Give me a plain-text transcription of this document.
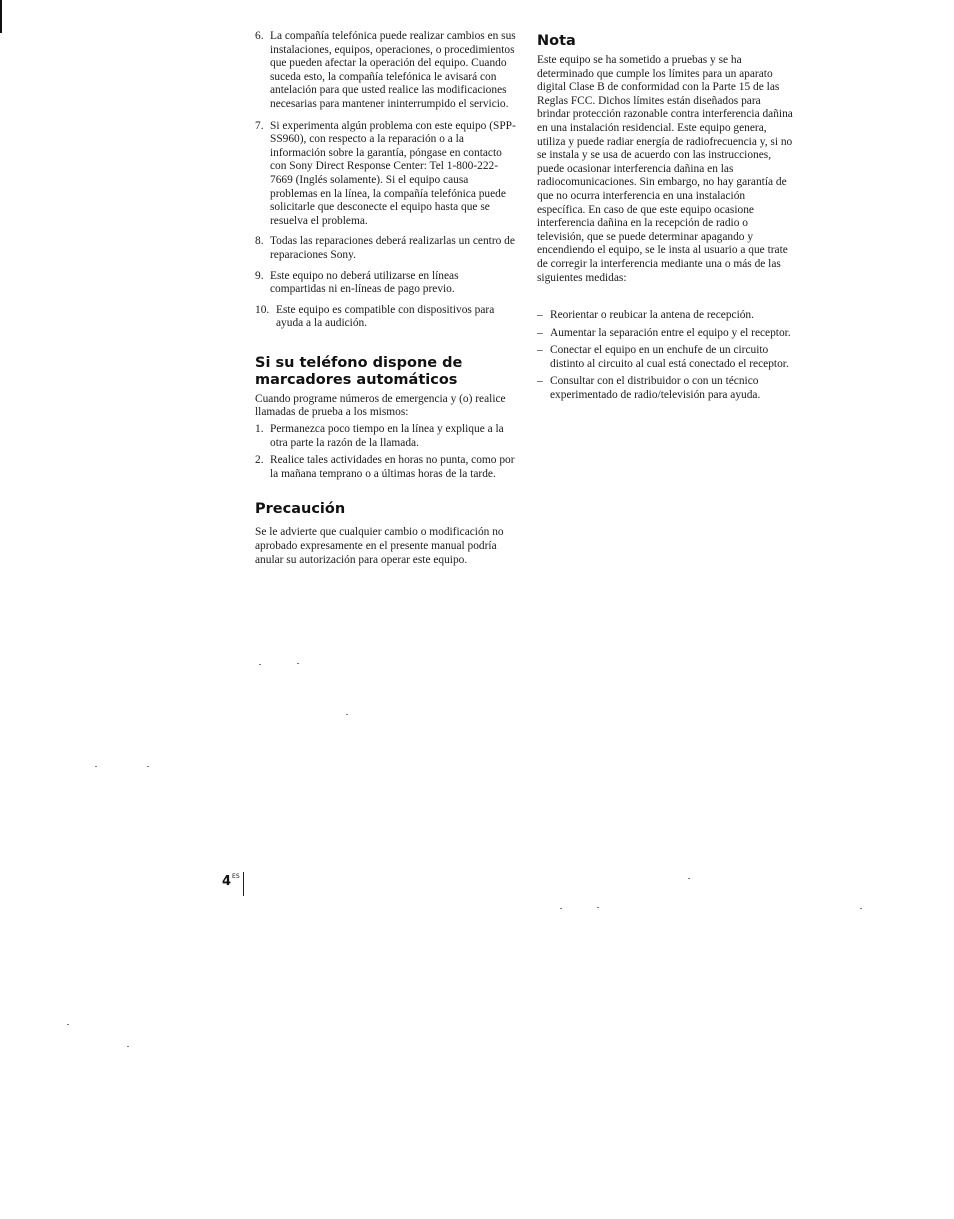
6. La compañía telefónica puede realizar cambios en sus instalaciones, equipos, operaciones, o procedimientos que pueden afectar la operación del equipo. Cuando suceda esto, la compañía telefónica le avisará con antelación para que usted realice las modificaciones necesarias para mantener ininterrumpido el servicio.
7. Si experimenta algún problema con este equipo (SPP-SS960), con respecto a la reparación o a la información sobre la garantía, póngase en contacto con Sony Direct Response Center: Tel 1-800-222-7669 (Inglés solamente). Si el equipo causa problemas en la línea, la compañía telefónica puede solicitarle que desconecte el equipo hasta que se resuelva el problema.
8. Todas las reparaciones deberá realizarlas un centro de reparaciones Sony.
9. Este equipo no deberá utilizarse en líneas compartidas ni en-líneas de pago previo.
10. Este equipo es compatible con dispositivos para ayuda a la audición.
Si su teléfono dispone de
marcadores automáticos

Cuando programe números de emergencia y (o) realice llamadas de prueba a los mismos:

1. Permanezca poco tiempo en la línea y explique a la otra parte la razón de la llamada.
2. Realice tales actividades en horas no punta, como por la mañana temprano o a últimas horas de la tarde.
Precaución

Se le advierte que cualquier cambio o modificación no aprobado expresamente en el presente manual podría anular su autorización para operar este equipo.

Nota

Este equipo se ha sometido a pruebas y se ha determinado que cumple los límites para un aparato digital Clase B de conformidad con la Parte 15 de las Reglas FCC. Dichos límites están diseñados para brindar protección razonable contra interferencia dañina en una instalación residencial. Este equipo genera, utiliza y puede radiar energía de radiofrecuencia y, si no se instala y se usa de acuerdo con las instrucciones, puede ocasionar interferencia dañina en las radiocomunicaciones. Sin embargo, no hay garantía de que no ocurra interferencia en una instalación específica. En caso de que este equipo ocasione interferencia dañina en la recepción de radio o televisión, que se puede determinar apagando y encendiendo el equipo, se le insta al usuario a que trate de corregir la interferencia mediante una o más de las siguientes medidas:

– Reorientar o reubicar la antena de recepción.
– Aumentar la separación entre el equipo y el receptor.
– Conectar el equipo en un enchufe de un circuito distinto al circuito al cual está conectado el receptor.
– Consultar con el distribuidor o con un técnico experimentado de radio/televisión para ayuda.
$4^{ES}$
